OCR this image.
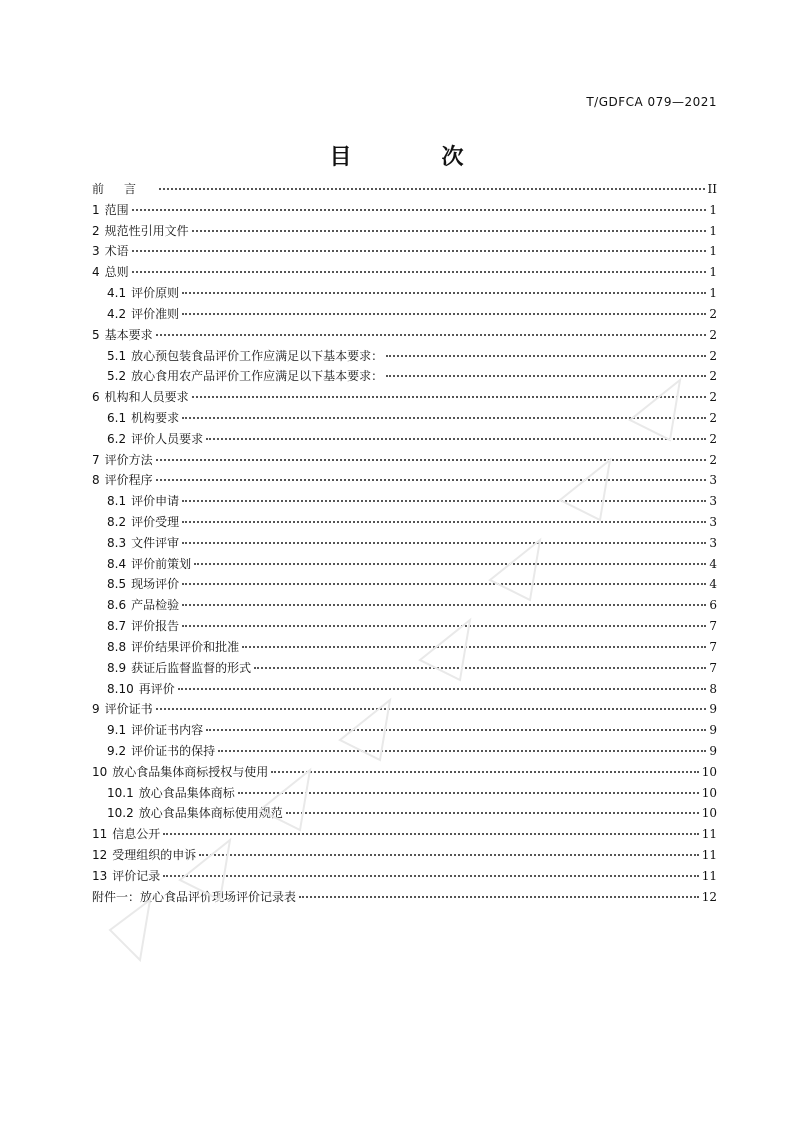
T/GDFCA 079—2021
目　次
前言	II
1 范围	1
2 规范性引用文件	1
3 术语	1
4 总则	1
4.1 评价原则	1
4.2 评价准则	2
5 基本要求	2
5.1 放心预包装食品评价工作应满足以下基本要求：	2
5.2 放心食用农产品评价工作应满足以下基本要求：	2
6 机构和人员要求	2
6.1 机构要求	2
6.2 评价人员要求	2
7 评价方法	2
8 评价程序	3
8.1 评价申请	3
8.2 评价受理	3
8.3 文件评审	3
8.4 评价前策划	4
8.5 现场评价	4
8.6 产品检验	6
8.7 评价报告	7
8.8 评价结果评价和批准	7
8.9 获证后监督监督的形式	7
8.10 再评价	8
9 评价证书	9
9.1 评价证书内容	9
9.2 评价证书的保持	9
10 放心食品集体商标授权与使用	10
10.1 放心食品集体商标	10
10.2 放心食品集体商标使用规范	10
11 信息公开	11
12 受理组织的申诉	11
13 评价记录	11
附件一：放心食品评价现场评价记录表	12
